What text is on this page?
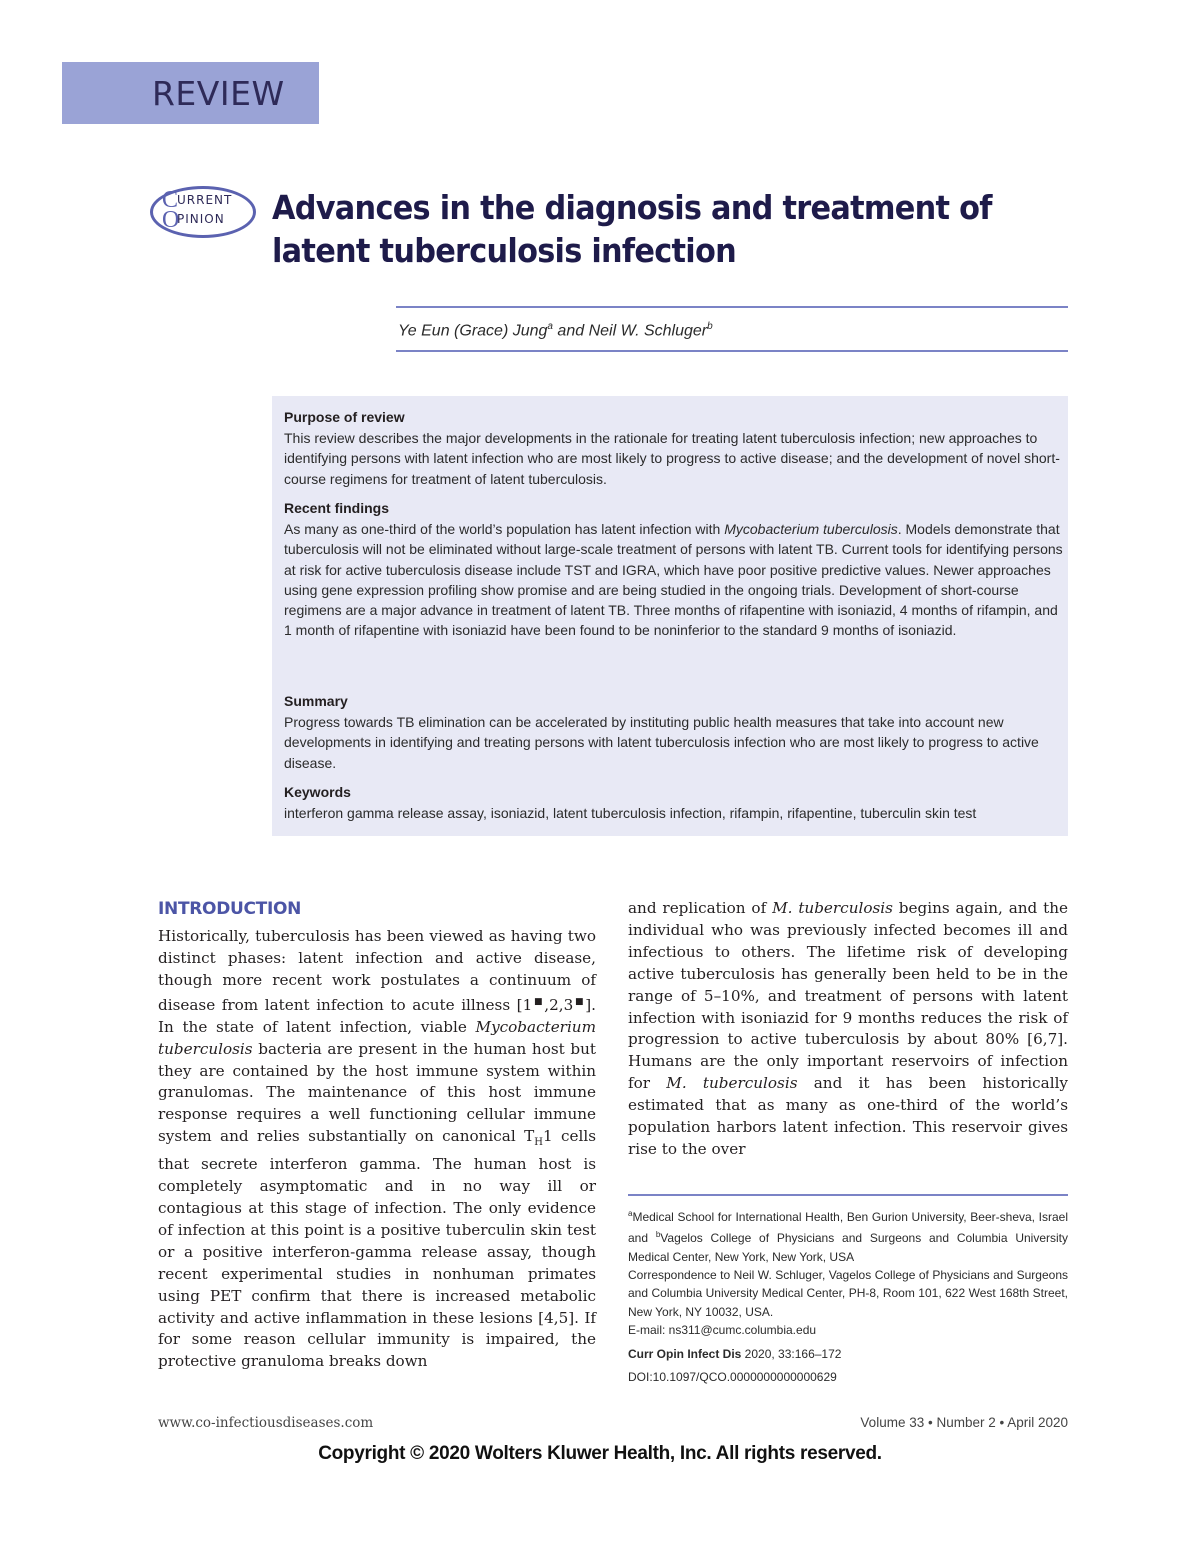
REVIEW
C
URRENT
O
PINION Advances in the diagnosis and treatment of latent tuberculosis infection
Ye Eun (Grace) Jung$^a$ and Neil W. Schluger$^b$
Purpose of review

This review describes the major developments in the rationale for treating latent tuberculosis infection; new approaches to identifying persons with latent infection who are most likely to progress to active disease; and the development of novel short-course regimens for treatment of latent tuberculosis.

Recent findings

As many as one-third of the world’s population has latent infection with Mycobacterium tuberculosis. Models demonstrate that tuberculosis will not be eliminated without large-scale treatment of persons with latent TB. Current tools for identifying persons at risk for active tuberculosis disease include TST and IGRA, which have poor positive predictive values. Newer approaches using gene expression profiling show promise and are being studied in the ongoing trials. Development of short-course regimens are a major advance in treatment of latent TB. Three months of rifapentine with isoniazid, 4 months of rifampin, and 1 month of rifapentine with isoniazid have been found to be noninferior to the standard 9 months of isoniazid.

Summary

Progress towards TB elimination can be accelerated by instituting public health measures that take into account new developments in identifying and treating persons with latent tuberculosis infection who are most likely to progress to active disease.

Keywords

interferon gamma release assay, isoniazid, latent tuberculosis infection, rifampin, rifapentine, tuberculin skin test

INTRODUCTION

Historically, tuberculosis has been viewed as having two distinct phases: latent infection and active disease, though more recent work postulates a continuum of disease from latent infection to acute illness [1■,2,3■]. In the state of latent infection, viable Mycobacterium tuberculosis bacteria are present in the human host but they are contained by the host immune system within granulomas. The maintenance of this host immune response requires a well functioning cellular immune system and relies substantially on canonical $T_H1$ cells that secrete interferon gamma. The human host is completely asymptomatic and in no way ill or contagious at this stage of infection. The only evidence of infection at this point is a positive tuberculin skin test or a positive interferon-gamma release assay, though recent experimental studies in nonhuman primates using PET confirm that there is increased metabolic activity and active inflammation in these lesions [4,5]. If for some reason cellular immunity is impaired, the protective granuloma breaks down

and replication of M. tuberculosis begins again, and the individual who was previously infected becomes ill and infectious to others. The lifetime risk of developing active tuberculosis has generally been held to be in the range of 5–10%, and treatment of persons with latent infection with isoniazid for 9 months reduces the risk of progression to active tuberculosis by about 80% [6,7]. Humans are the only important reservoirs of infection for M. tuberculosis and it has been historically estimated that as many as one-third of the world’s population harbors latent infection. This reservoir gives rise to the over

$^a$Medical School for International Health, Ben Gurion University, Beer-sheva, Israel and $^b$Vagelos College of Physicians and Surgeons and Columbia University Medical Center, New York, New York, USA

Correspondence to Neil W. Schluger, Vagelos College of Physicians and Surgeons and Columbia University Medical Center, PH-8, Room 101, 622 West 168th Street, New York, NY 10032, USA.

E-mail: ns311@cumc.columbia.edu

Curr Opin Infect Dis 2020, 33:166–172

DOI:10.1097/QCO.0000000000000629

www.co-infectiousdiseases.com	Volume 33 • Number 2 • April 2020
Copyright © 2020 Wolters Kluwer Health, Inc. All rights reserved.
